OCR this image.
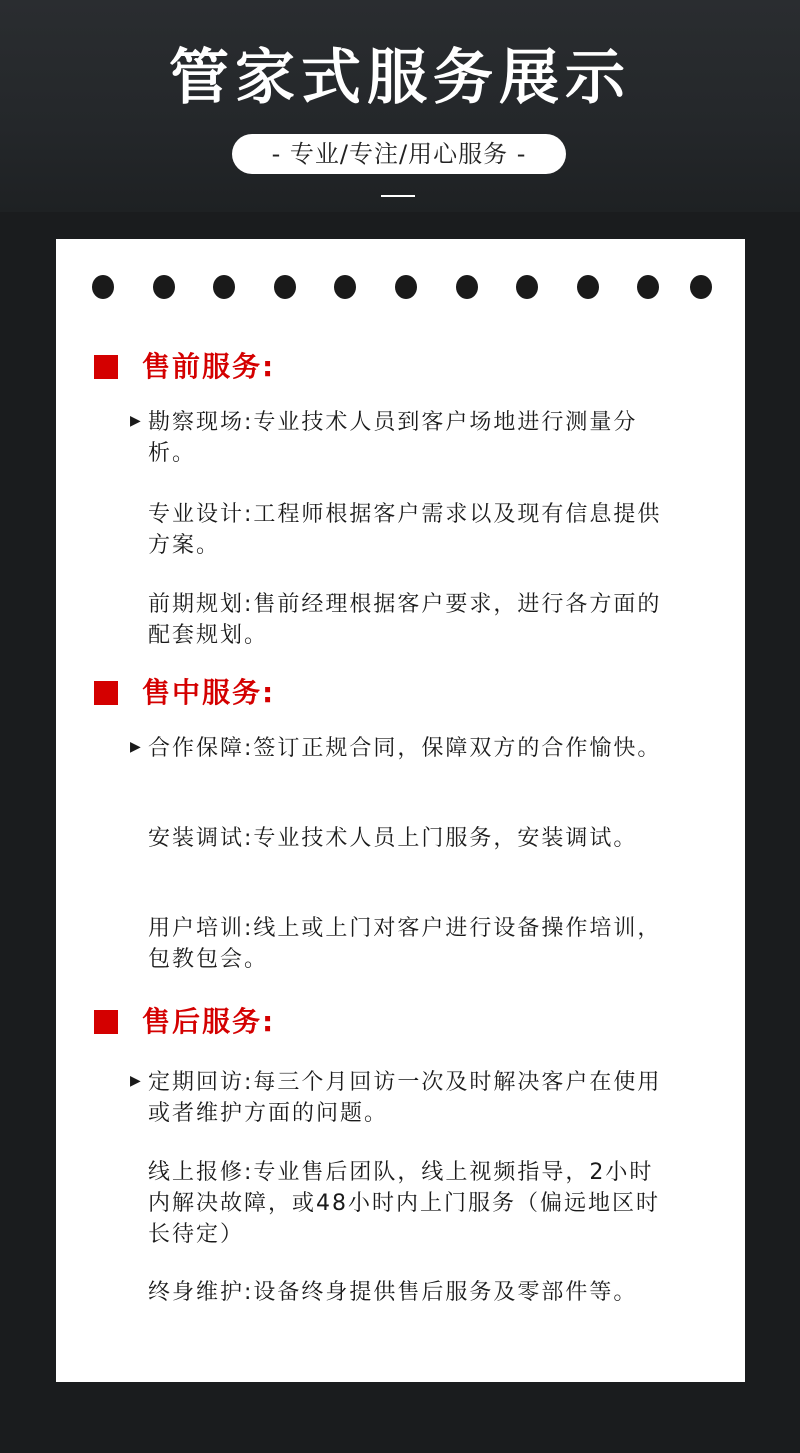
管家式服务展示
- 专业/专注/用心服务 -
售前服务:
▶ 勘察现场:专业技术人员到客户场地进行测量分析。
专业设计:工程师根据客户需求以及现有信息提供方案。
前期规划:售前经理根据客户要求，进行各方面的配套规划。
售中服务:
▶ 合作保障:签订正规合同，保障双方的合作愉快。
安装调试:专业技术人员上门服务，安装调试。
用户培训:线上或上门对客户进行设备操作培训，包教包会。
售后服务:
▶ 定期回访:每三个月回访一次及时解决客户在使用或者维护方面的问题。
线上报修:专业售后团队，线上视频指导，2小时内解决故障，或48小时内上门服务（偏远地区时长待定）
终身维护:设备终身提供售后服务及零部件等。
